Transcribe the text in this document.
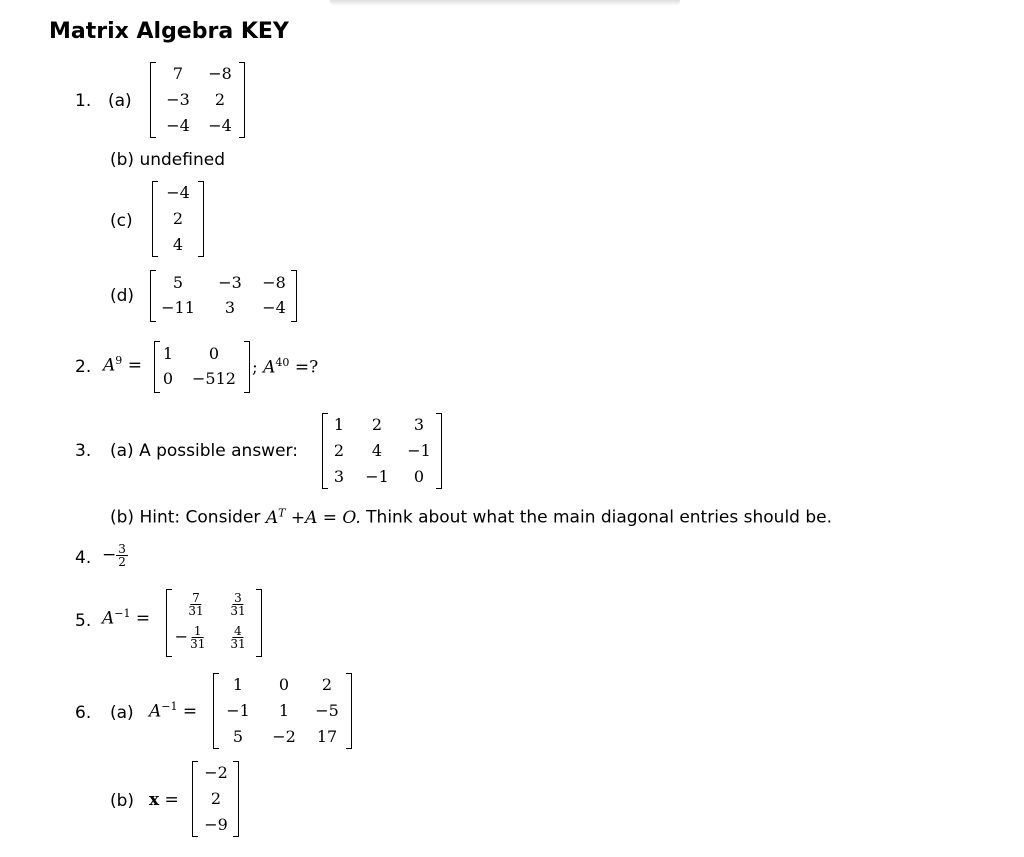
Matrix Algebra KEY
1. (a)
7 −8
−3 2
−4 −4
(b) undefined
(c)
−4
2
4
(d)
5 −3 −8
−11 3 −4
2. $A^9$ =
1 0
0 −512
; $A^{40}$ =?
3. (a) A possible answer:
1 2 3
2 4 −1
3 −1 0
(b) Hint: Consider $A^T +A = O$. Think about what the main diagonal entries should be.
4. − $\frac{3}{2}$
5. $A^{-1}$ =
$\frac{7}{31} \frac{3}{31}$
− $\frac{1}{31} \frac{4}{31}$
6. (a) $A^{-1}$ =
1 0 2
−1 1 −5
5 −2 17
(b) x =
−2
2
−9
